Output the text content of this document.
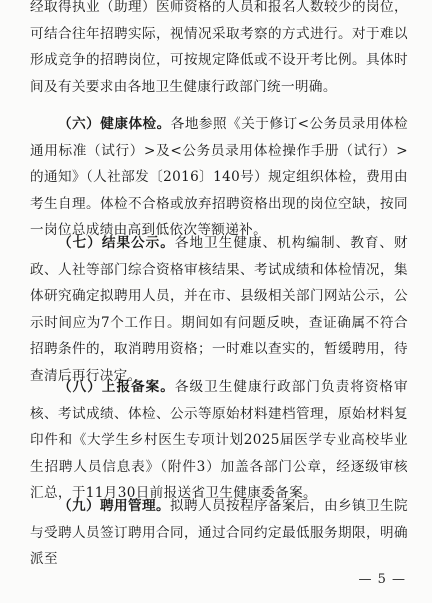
经取得执业（助理）医师资格的人员和报名人数较少的岗位，可结合往年招聘实际，视情况采取考察的方式进行。对于难以形成竞争的招聘岗位，可按规定降低或不设开考比例。具体时间及有关要求由各地卫生健康行政部门统一明确。

（六）健康体检。各地参照《关于修订<公务员录用体检通用标准（试行）>及<公务员录用体检操作手册（试行）>的通知》（人社部发〔2016〕140号）规定组织体检，费用由考生自理。体检不合格或放弃招聘资格出现的岗位空缺，按同一岗位总成绩由高到低依次等额递补。

（七）结果公示。各地卫生健康、机构编制、教育、财政、人社等部门综合资格审核结果、考试成绩和体检情况，集体研究确定拟聘用人员，并在市、县级相关部门网站公示，公示时间应为7个工作日。期间如有问题反映，查证确属不符合招聘条件的，取消聘用资格；一时难以查实的，暂缓聘用，待查清后再行决定。

（八）上报备案。各级卫生健康行政部门负责将资格审核、考试成绩、体检、公示等原始材料建档管理，原始材料复印件和《大学生乡村医生专项计划2025届医学专业高校毕业生招聘人员信息表》（附件3）加盖各部门公章，经逐级审核汇总，于11月30日前报送省卫生健康委备案。

（九）聘用管理。拟聘人员按程序备案后，由乡镇卫生院与受聘人员签订聘用合同，通过合同约定最低服务期限，明确派至

— 5 —
